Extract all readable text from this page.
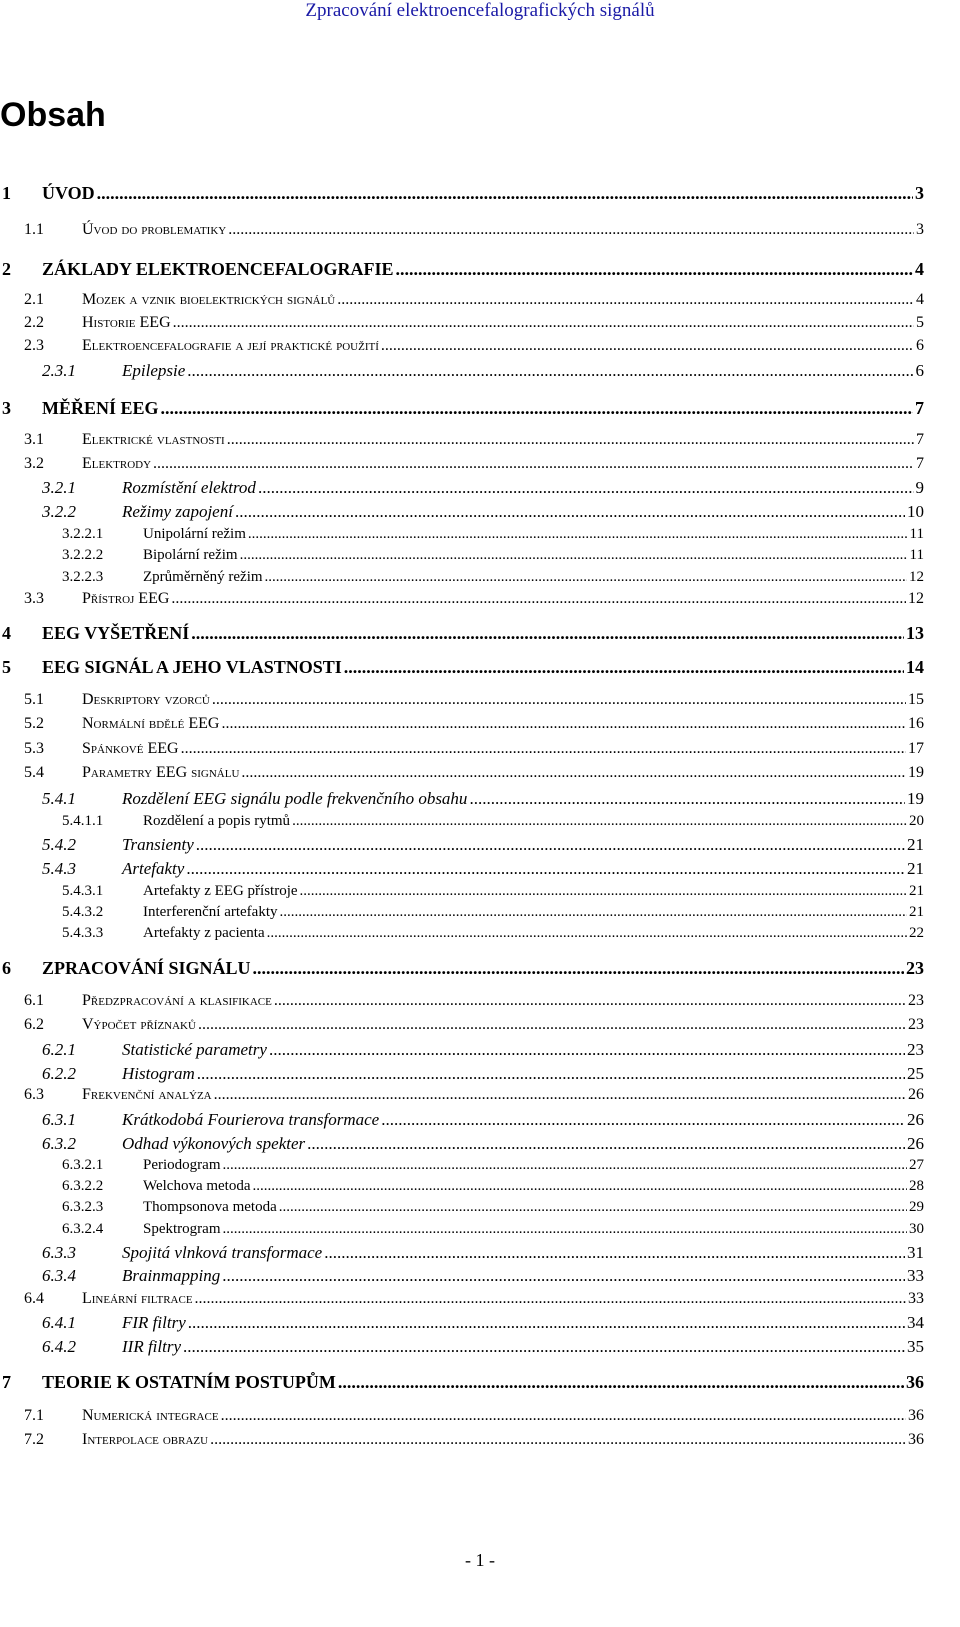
Zpracování elektroencefalografických signálů
Obsah
1 ÚVOD .....	3
1.1 Úvod do problematiky .....	3
2 ZÁKLADY ELEKTROENCEFALOGRAFIE .....	4
2.1 Mozek a vznik bioelektrických signálů .....	4
2.2 Historie EEG .....	5
2.3 Elektroencefalografie a její praktické použití .....	6
2.3.1	Epilepsie .....	6
3 MĚŘENÍ EEG .....	7
3.1 Elektrické vlastnosti .....	7
3.2 Elektrody .....	7
3.2.1	Rozmístění elektrod .....	9
3.2.2	Režimy zapojení .....	10
3.2.2.1	Unipolární režim .....	11
3.2.2.2	Bipolární režim .....	11
3.2.2.3	Zprůměrněný režim .....	12
3.3 Přístroj EEG .....	12
4 EEG VYŠETŘENÍ .....	13
5 EEG SIGNÁL A JEHO VLASTNOSTI .....	14
5.1 Deskriptory vzorců .....	15
5.2 Normální bdělé EEG .....	16
5.3 Spánkové EEG .....	17
5.4 Parametry EEG signálu .....	19
5.4.1	Rozdělení EEG signálu podle frekvenčního obsahu .....	19
5.4.1.1	Rozdělení a popis rytmů .....	20
5.4.2	Transienty .....	21
5.4.3	Artefakty .....	21
5.4.3.1	Artefakty z EEG přístroje .....	21
5.4.3.2	Interferenční artefakty .....	21
5.4.3.3	Artefakty z pacienta .....	22
6 ZPRACOVÁNÍ SIGNÁLU .....	23
6.1 Předzpracování a klasifikace .....	23
6.2 Výpočet příznaků .....	23
6.2.1	Statistické parametry .....	23
6.2.2	Histogram .....	25
6.3 Frekvenční analýza .....	26
6.3.1	Krátkodobá Fourierova transformace .....	26
6.3.2	Odhad výkonových spekter .....	26
6.3.2.1	Periodogram .....	27
6.3.2.2	Welchova metoda .....	28
6.3.2.3	Thompsonova metoda .....	29
6.3.2.4	Spektrogram .....	30
6.3.3	Spojitá vlnková transformace .....	31
6.3.4	Brainmapping .....	33
6.4 Lineární filtrace .....	33
6.4.1	FIR filtry .....	34
6.4.2	IIR filtry .....	35
7 TEORIE K OSTATNÍM POSTUPŮM .....	36
7.1 Numerická integrace .....	36
7.2 Interpolace obrazu .....	36
- 1 -
